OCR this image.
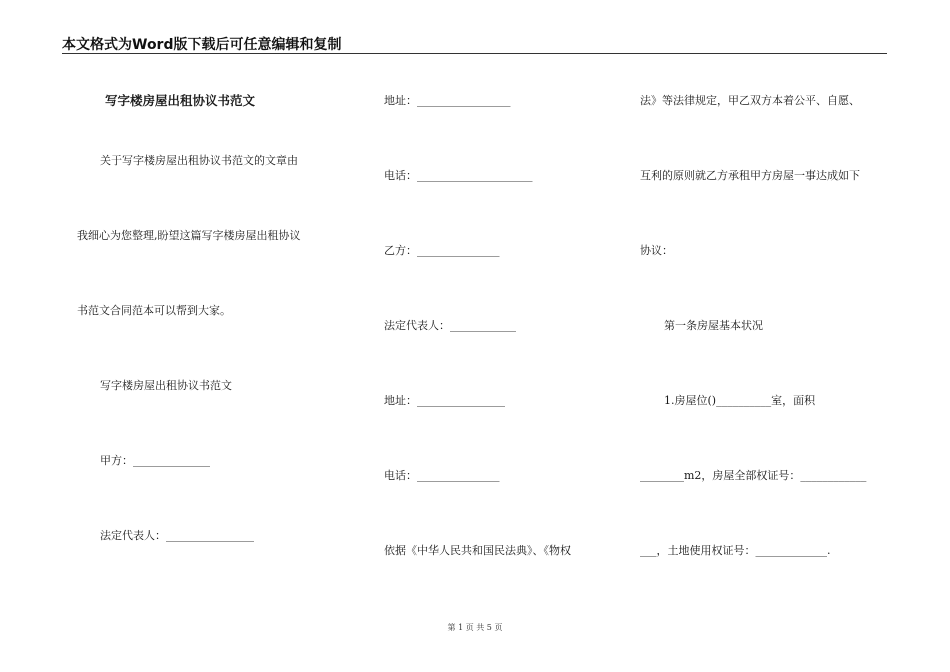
本文格式为Word版下载后可任意编辑和复制
写字楼房屋出租协议书范文
关于写字楼房屋出租协议书范文的文章由
我细心为您整理,盼望这篇写字楼房屋出租协议
书范文合同范本可以帮到大家。
写字楼房屋出租协议书范文
甲方：______________
法定代表人：________________
地址：_________________
电话：_____________________
乙方：_______________
法定代表人：____________
地址：________________
电话：_______________
依据《中华人民共和国民法典》、《物权
法》等法律规定，甲乙双方本着公平、自愿、
互利的原则就乙方承租甲方房屋一事达成如下
协议：
第一条房屋基本状况
1.房屋位()__________室，面积
________m2，房屋全部权证号：____________
___，土地使用权证号：_____________.
第 1 页 共 5 页
